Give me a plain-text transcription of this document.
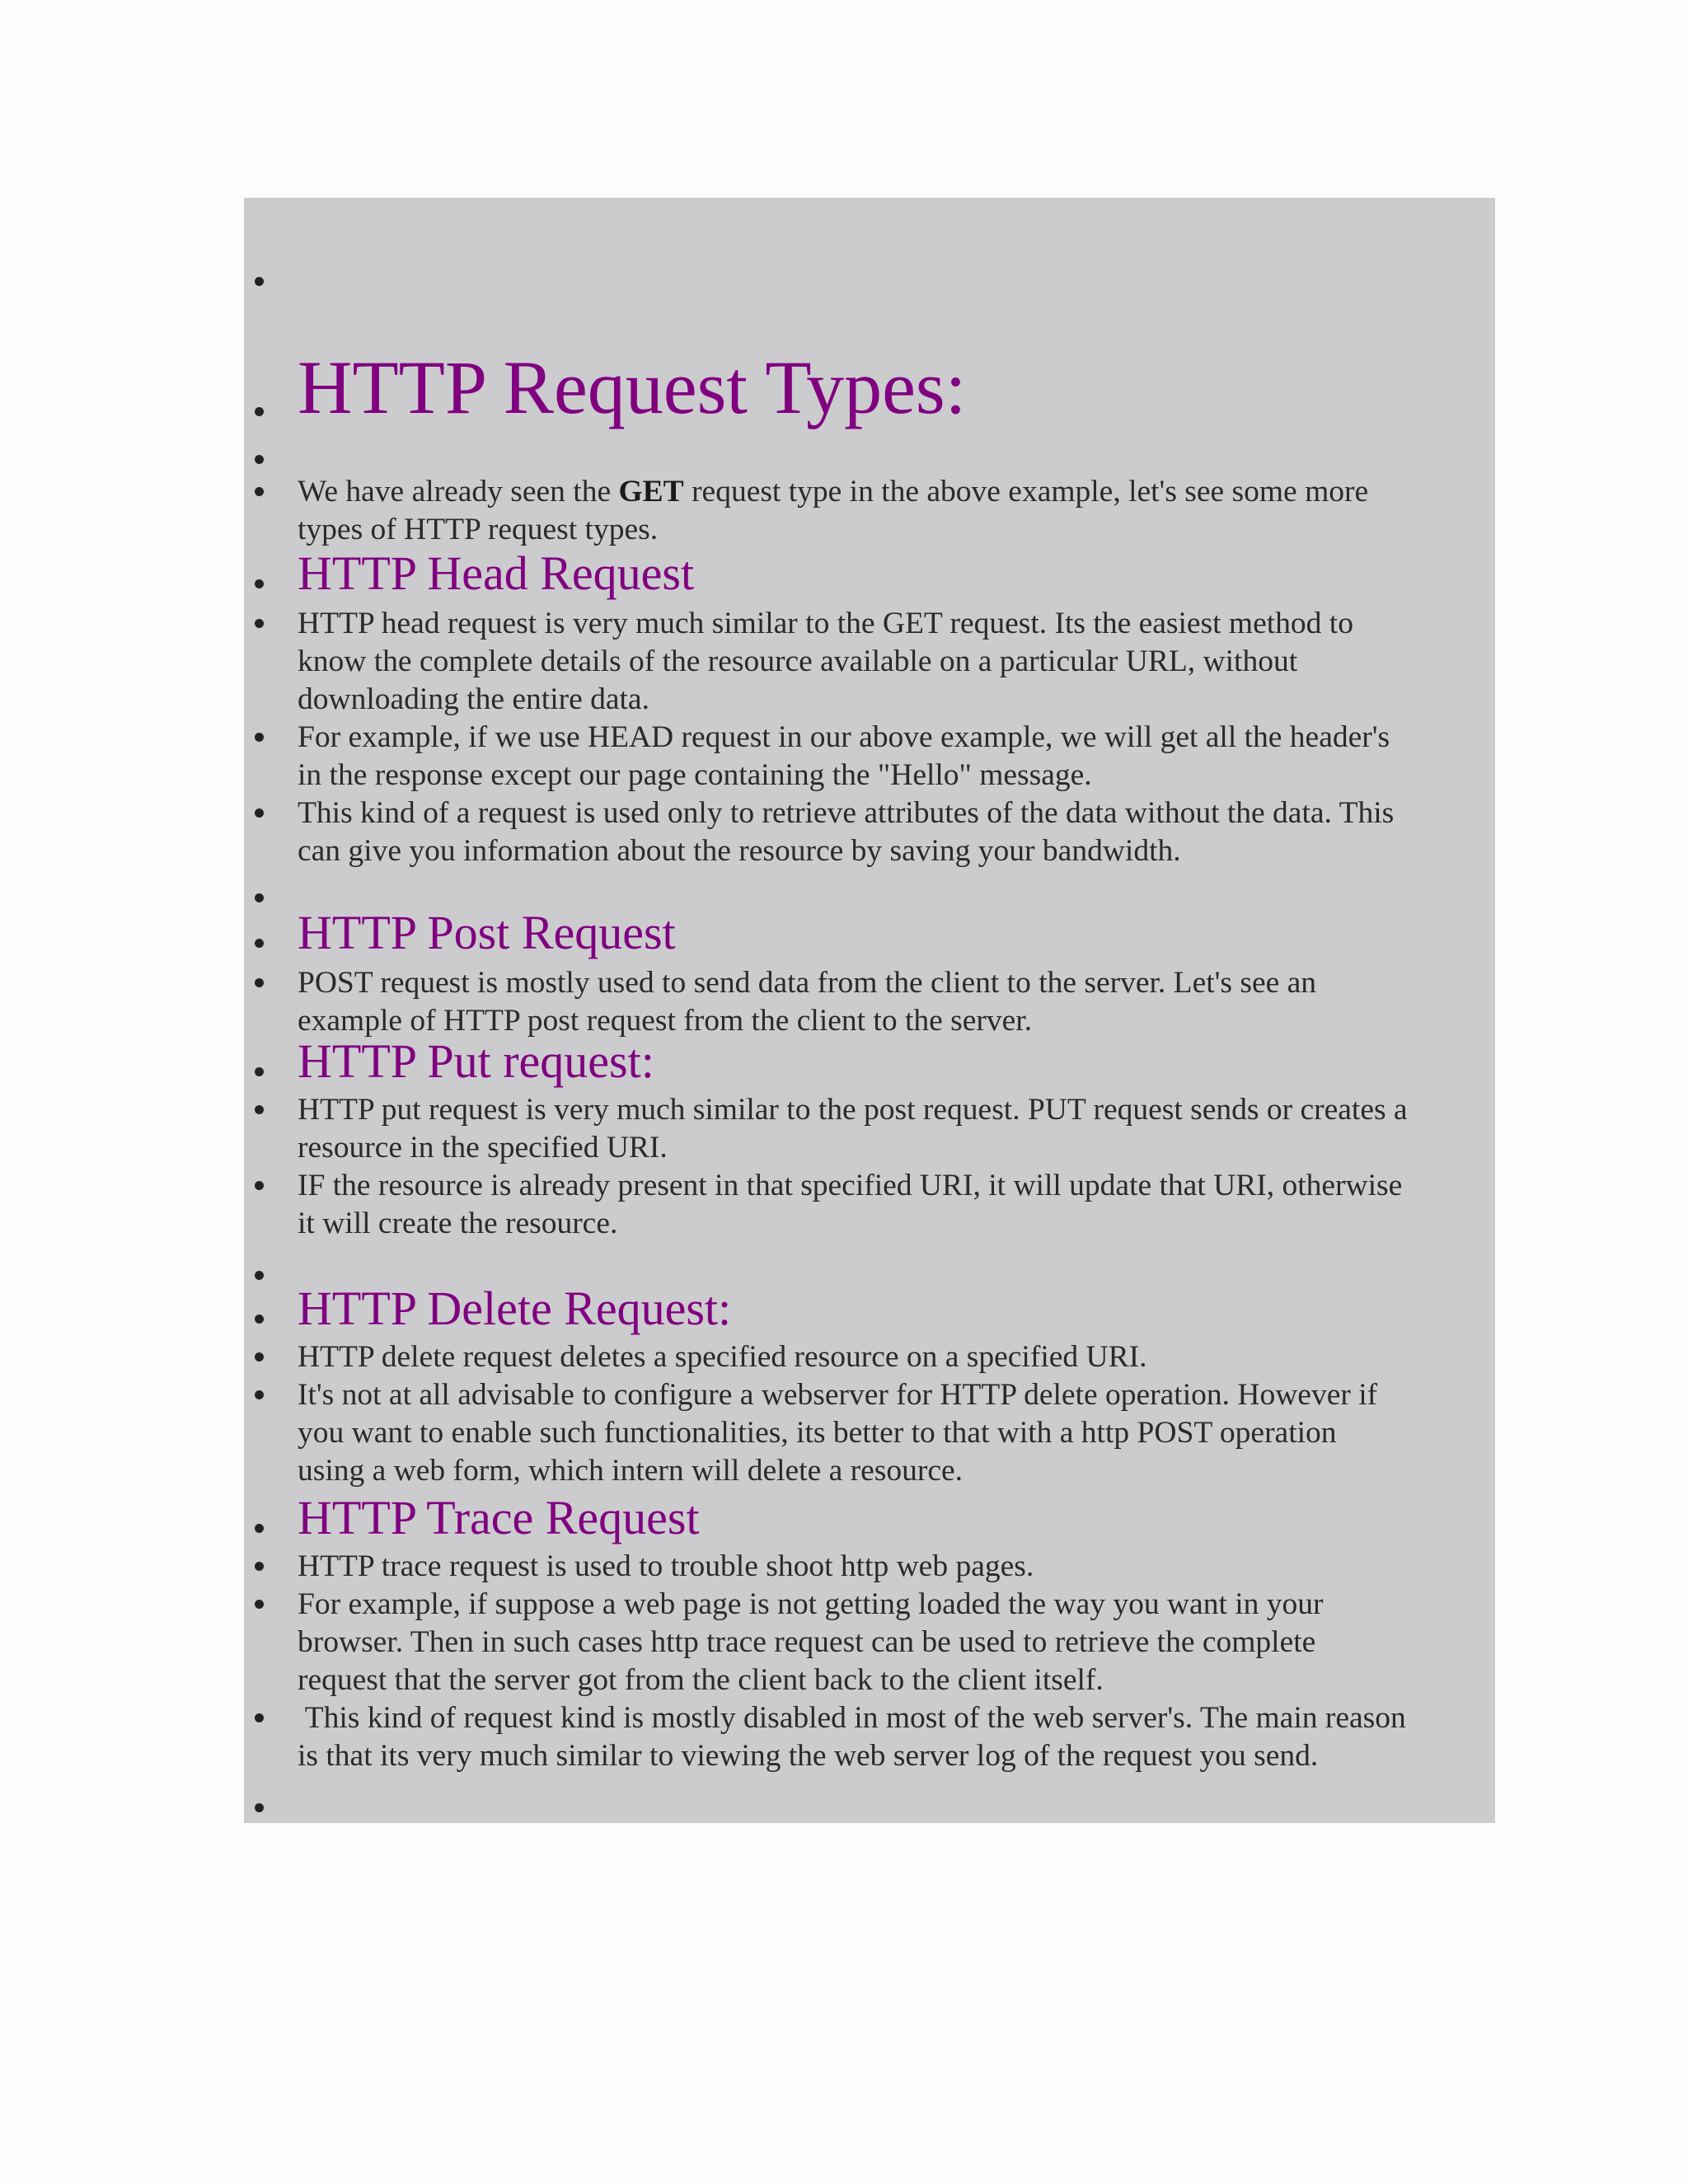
HTTP Request Types:
We have already seen the GET request type in the above example, let's see some more
types of HTTP request types.
HTTP Head Request
HTTP head request is very much similar to the GET request. Its the easiest method to
know the complete details of the resource available on a particular URL, without
downloading the entire data.
For example, if we use HEAD request in our above example, we will get all the header's
in the response except our page containing the "Hello" message.
This kind of a request is used only to retrieve attributes of the data without the data. This
can give you information about the resource by saving your bandwidth.
HTTP Post Request
POST request is mostly used to send data from the client to the server. Let's see an
example of HTTP post request from the client to the server.
HTTP Put request:
HTTP put request is very much similar to the post request. PUT request sends or creates a
resource in the specified URI.
IF the resource is already present in that specified URI, it will update that URI, otherwise
it will create the resource.
HTTP Delete Request:
HTTP delete request deletes a specified resource on a specified URI.
It's not at all advisable to configure a webserver for HTTP delete operation. However if
you want to enable such functionalities, its better to that with a http POST operation
using a web form, which intern will delete a resource.
HTTP Trace Request
HTTP trace request is used to trouble shoot http web pages.
For example, if suppose a web page is not getting loaded the way you want in your
browser. Then in such cases http trace request can be used to retrieve the complete
request that the server got from the client back to the client itself.
This kind of request kind is mostly disabled in most of the web server's. The main reason
is that its very much similar to viewing the web server log of the request you send.
